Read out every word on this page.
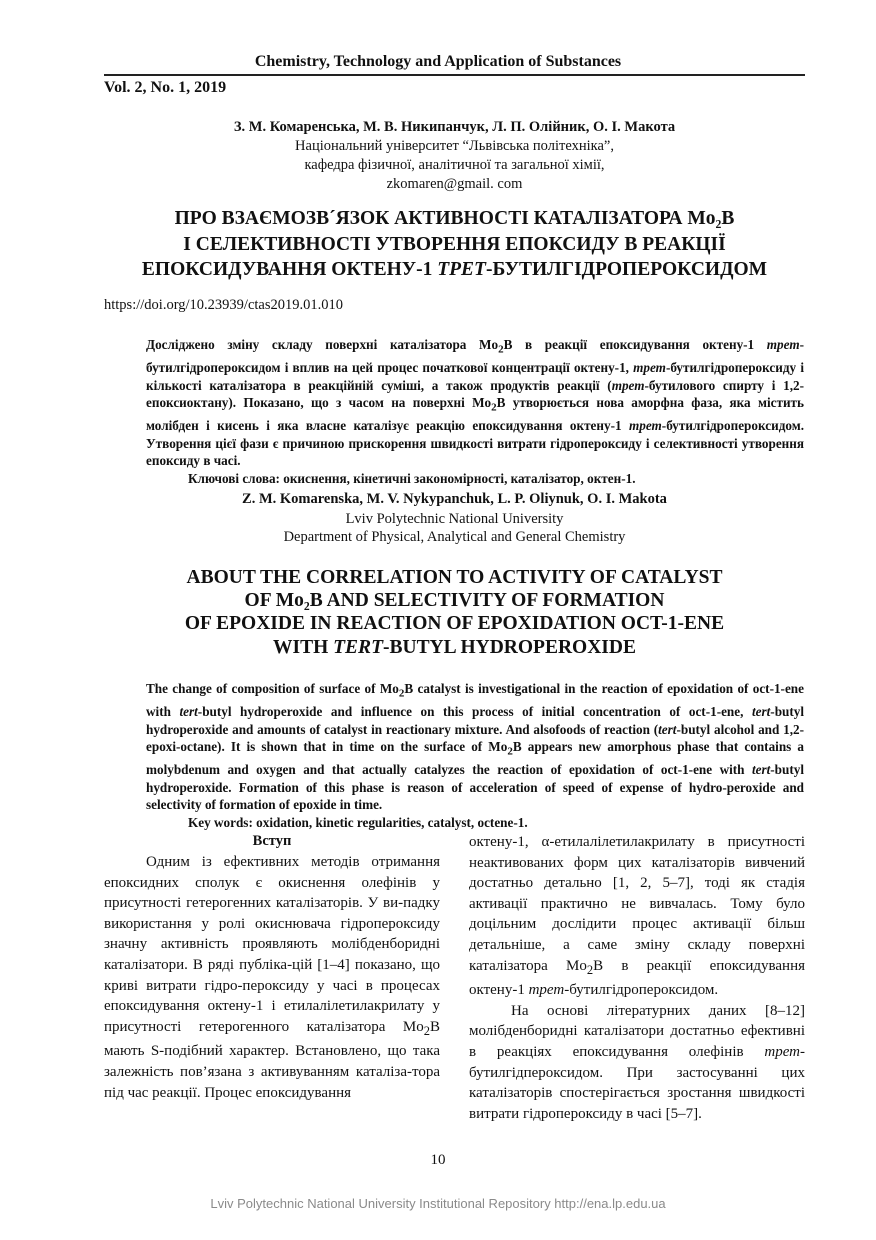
Chemistry, Technology and Application of Substances
Vol. 2, No. 1, 2019
З. М. Комаренська, М. В. Никипанчук, Л. П. Олійник, О. І. Макота
Національний університет “Львівська політехніка”,
кафедра фізичної, аналітичної та загальної хімії,
zkomaren@gmail. com
ПРО ВЗАЄМОЗВ´ЯЗОК АКТИВНОСТІ КАТАЛІЗАТОРА Mo₂B
І СЕЛЕКТИВНОСТІ УТВОРЕННЯ ЕПОКСИДУ В РЕАКЦІЇ
ЕПОКСИДУВАННЯ ОКТЕНУ-1 ТРЕТ-БУТИЛГІДРОПЕРОКСИДОМ
https://doi.org/10.23939/ctas2019.01.010

Досліджено зміну складу поверхні каталізатора $Mo_2B$ в реакції епоксидування октену-1 трет-бутилгідропероксидом і вплив на цей процес початкової концентрації октену-1, трет-бутилгідропероксиду і кількості каталізатора в реакційній суміші, а також продуктів реакції (трет-бутилового спирту і 1,2-епоксиоктану). Показано, що з часом на поверхні $Mo_2B$ утворюється нова аморфна фаза, яка містить молібден і кисень і яка власне каталізує реакцію епоксидування октену-1 трет-бутилгідропероксидом. Утворення цієї фази є причиною прискорення швидкості витрати гідропероксиду і селективності утворення епоксиду в часі.

Ключові слова: окиснення, кінетичні закономірності, каталізатор, октен-1.

Z. M. Komarenska, M. V. Nykypanchuk, L. P. Oliynuk, O. I. Makota
Lviv Polytechnic National University
Department of Physical, Analytical and General Chemistry
ABOUT THE CORRELATION TO ACTIVITY OF CATALYST
OF Mo₂B AND SELECTIVITY OF FORMATION
OF EPOXIDE IN REACTION OF EPOXIDATION OCT-1-ENE
WITH TERT-BUTYL HYDROPEROXIDE

The change of composition of surface of $Mo_2B$ catalyst is investigational in the reaction of epoxidation of oct-1-ene with tert-butyl hydroperoxide and influence on this process of initial concentration of oct-1-ene, tert-butyl hydroperoxide and amounts of catalyst in reactionary mixture. And alsofoods of reaction (tert-butyl alcohol and 1,2-epoxi-octane). It is shown that in time on the surface of $Mo_2B$ appears new amorphous phase that contains a molybdenum and oxygen and that actually catalyzes the reaction of epoxidation of oct-1-ene with tert-butyl hydroperoxide. Formation of this phase is reason of acceleration of speed of expense of hydro-peroxide and selectivity of formation of epoxide in time.

Key words: oxidation, kinetic regularities, catalyst, octene-1.

Вступ

Одним із ефективних методів отримання епоксидних сполук є окиснення олефінів у присутності гетерогенних каталізаторів. У ви-падку використання у ролі окиснювача гідропероксиду значну активність проявляють молібденборидні каталізатори. В ряді публіка-цій [1–4] показано, що криві витрати гідро-пероксиду у часі в процесах епоксидування октену-1 і етилалілетилакрилату у присутності гетерогенного каталізатора $Mo_2B$ мають S-подібний характер. Встановлено, що така залежність пов’язана з активуванням каталіза-тора під час реакції. Процес епоксидування

октену-1, α-етилалілетилакрилату в присутності неактивованих форм цих каталізаторів вивчений достатньо детально [1, 2, 5–7], тоді як стадія активації практично не вивчалась. Тому було доцільним дослідити процес активації більш детальніше, а саме зміну складу поверхні каталізатора $Mo_2B$ в реакції епоксидування октену-1 трет-бутилгідропероксидом.

На основі літературних даних [8–12] молібденборидні каталізатори достатньо ефективні в реакціях епоксидування олефінів трет-бутилгідпероксидом. При застосуванні цих каталізаторів спостерігається зростання швидкості витрати гідропероксиду в часі [5–7].

10
Lviv Polytechnic National University Institutional Repository http://ena.lp.edu.ua
